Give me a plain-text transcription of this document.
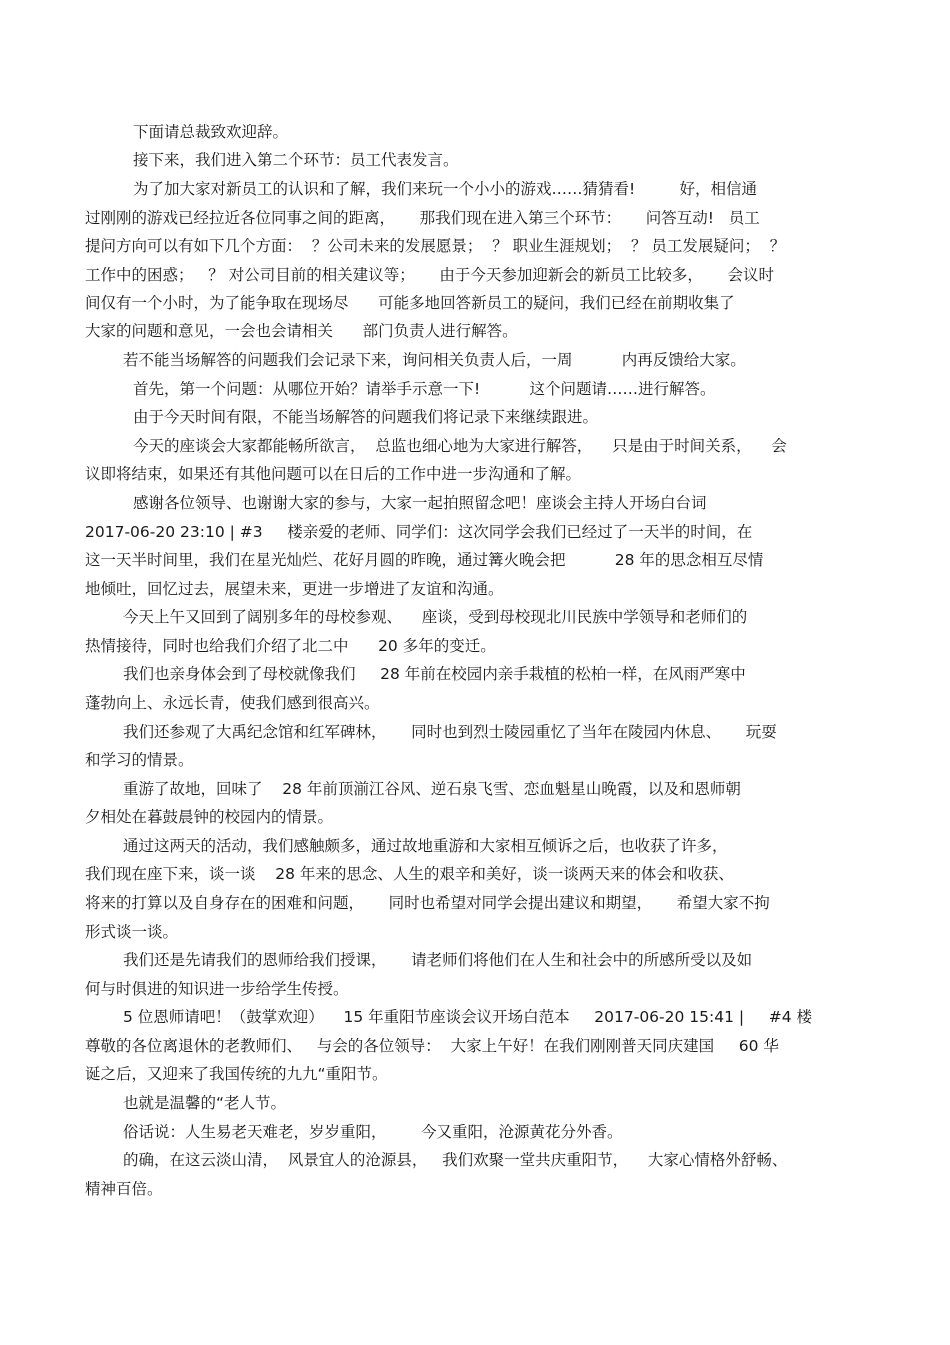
下面请总裁致欢迎辞。

接下来，我们进入第二个环节：员工代表发言。

为了加大家对新员工的认识和了解，我们来玩一个小小的游戏……猜猜看!         好，相信通

过刚刚的游戏已经拉近各位同事之间的距离，     那我们现在进入第三个环节：     问答互动!   员工

提问方向可以有如下几个方面：  ？公司未来的发展愿景；  ？ 职业生涯规划；  ？ 员工发展疑问；  ？

工作中的困惑；   ？ 对公司目前的相关建议等；     由于今天参加迎新会的新员工比较多，     会议时

间仅有一个小时，为了能争取在现场尽      可能多地回答新员工的疑问，我们已经在前期收集了

大家的问题和意见，一会也会请相关      部门负责人进行解答。

若不能当场解答的问题我们会记录下来，询问相关负责人后，一周          内再反馈给大家。

首先，第一个问题：从哪位开始？请举手示意一下!          这个问题请……进行解答。

由于今天时间有限，不能当场解答的问题我们将记录下来继续跟进。

今天的座谈会大家都能畅所欲言，  总监也细心地为大家进行解答，    只是由于时间关系，    会

议即将结束，如果还有其他问题可以在日后的工作中进一步沟通和了解。

感谢各位领导、也谢谢大家的参与，大家一起拍照留念吧！座谈会主持人开场白台词

2017-06-20 23:10 | #3     楼亲爱的老师、同学们：这次同学会我们已经过了一天半的时间，在

这一天半时间里，我们在星光灿烂、花好月圆的昨晚，通过篝火晚会把          28 年的思念相互尽情

地倾吐，回忆过去，展望未来，更进一步增进了友谊和沟通。

今天上午又回到了阔别多年的母校参观、    座谈，受到母校现北川民族中学领导和老师们的

热情接待，同时也给我们介绍了北二中      20 多年的变迁。

我们也亲身体会到了母校就像我们     28 年前在校园内亲手栽植的松柏一样，在风雨严寒中

蓬勃向上、永远长青，使我们感到很高兴。

我们还参观了大禹纪念馆和红军碑林，     同时也到烈士陵园重忆了当年在陵园内休息、     玩耍

和学习的情景。

重游了故地，回味了    28 年前顶湔江谷风、逆石泉飞雪、恋血魁星山晚霞，以及和恩师朝

夕相处在暮鼓晨钟的校园内的情景。

通过这两天的活动，我们感触颇多，通过故地重游和大家相互倾诉之后，也收获了许多，

我们现在座下来，谈一谈    28 年来的思念、人生的艰辛和美好，谈一谈两天来的体会和收获、

将来的打算以及自身存在的困难和问题，     同时也希望对同学会提出建议和期望，     希望大家不拘

形式谈一谈。

我们还是先请我们的恩师给我们授课，     请老师们将他们在人生和社会中的所感所受以及如

何与时俱进的知识进一步给学生传授。

5 位恩师请吧！（鼓掌欢迎）    15 年重阳节座谈会议开场白范本     2017-06-20 15:41 |     #4 楼

尊敬的各位离退休的老教师们、   与会的各位领导：  大家上午好！在我们刚刚普天同庆建国     60 华

诞之后，又迎来了我国传统的九九“重阳节。

也就是温馨的“老人节。

俗话说：人生易老天难老，岁岁重阳，       今又重阳，沧源黄花分外香。

的确，在这云淡山清，  风景宜人的沧源县，   我们欢聚一堂共庆重阳节，    大家心情格外舒畅、

精神百倍。
